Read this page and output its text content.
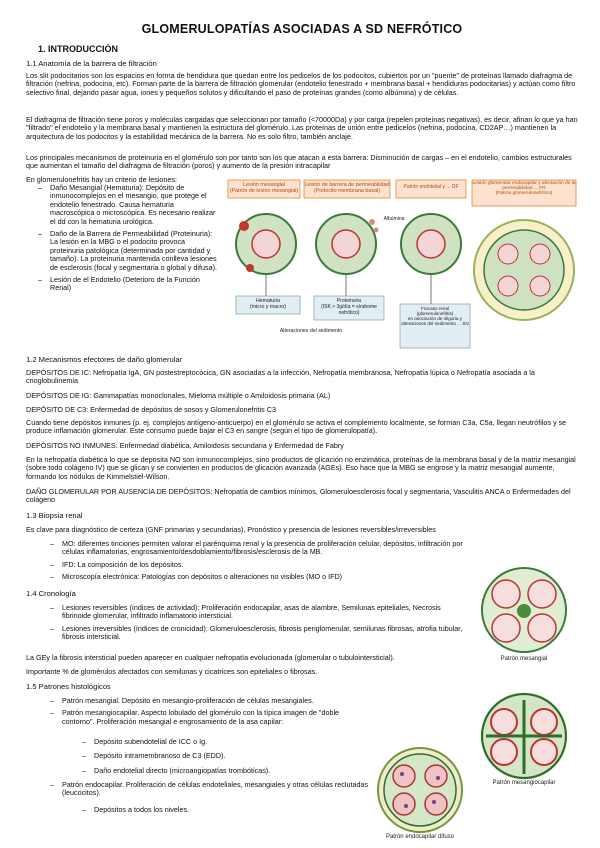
GLOMERULOPATÍAS ASOCIADAS A SD NEFRÓTICO
1. INTRODUCCIÓN
1.1 Anatomía de la barrera de filtración

Los slit podocitarios son los espacios en forma de hendidura que quedan entre los pedicelos de los podocitos, cubiertos por un "puente" de proteínas llamado diafragma de filtración (nefrina, podocina, etc). Forman parte de la barrera de filtración glomerular (endotelio fenestrado + membrana basal + hendiduras podocitarias) y actúan como filtro selectivo final, dejando pasar agua, iones y pequeños solutos y dificultando el paso de proteínas grandes (como albúmina) y de células.

El diafragma de filtración tiene poros y moléculas cargadas que seleccionan por tamaño (<70000Da) y por carga (repelen proteínas negativas), es decir, afinan lo que ya han "filtrado" el endotelio y la membrana basal y mantienen la estructura del glomérulo. Las proteínas de unión entre pedicelos (nefrina, podocina, CD2AP…) mantienen la arquitectura de los podocitos y la estabilidad mecánica de la barrera. No es solo filtro, también anclaje.

Los principales mecanismos de proteinuria en el glomérulo son por tanto son los que atacan a esta barrera: Disminución de cargas – en el endotelio, cambios estructurales que aumentan el tamaño del diafragma de filtración (poros) y aumento de la presión intracapilar

En glomerulonefritis hay un criterio de lesiones:

– Daño Mesangial (Hematuria): Depósito de inmunocomplejos en el mesangio, que protege el endotelio fenestrado. Causa hematuria macroscópica o microscópica. Es necesario realizar el dd con la hematuria urológica.
– Daño de la Barrera de Permeabilidad (Proteinuria): La lesión en la MBG o el podocito provoca proteinuria patológica (determinada por cantidad y tamaño). La proteinuria mantenida conlleva lesiones de esclerosis (focal y segmentaria o global y difusa).
– Lesión de el Endotelio (Deterioro de la Función Renal)
Lesión mesangial
(Patrón de lesión mesangial)
Lesión de barrera de permeabilidad
(Podocito membrana basal)
Patrón endotelial y ... DF
Lesión glomerular endocapilar y afectación de la permeabilidad ... FR
(Patrón glomerulonefrítico)
Albúmina
Hematuria
(micro y macro)
Proteinuria
(ISK > 3g/día = síndrome nefrótico)
Fracaso renal
(glomerulonefritis)
en asociación de oliguria y alteraciones del sedimento ... SN
Alteraciones del sedimento
1.2 Mecanismos efectores de daño glomerular

DEPÓSITOS DE IC: Nefropatía IgA, GN postestreptocócica, GN asociadas a la infección, Nefropatía membranosa, Nefropatía lúpica o Nefropatía asociada a la crioglobulinemia

DEPÓSITOS DE IG: Gammapatías monoclonales, Mieloma múltiple o Amiloidosis primaria (AL)

DEPÓSITO DE C3: Enfermedad de depósitos de sosos y Glomerulonefritis C3

Cuando tiene depósitos inmunes (p. ej. complejos antígeno-anticuerpo) en el glomérulo se activa el complemento localmente, se forman C3a, C5a, llegan neutrófilos y se produce inflamación glomerular. Este consumo puede bajar el C3 en sangre (según el tipo de glomerulopatía).

DEPÓSITOS NO INMUNES: Enfermedad diabética, Amiloidosis secundaria y Enfermedad de Fabry

En la nefropatía diabética lo que se deposita NO son inmunocomplejos, sino productos de glicación no enzimática, proteínas de la membrana basal y de la matriz mesangial (sobre todo colágeno IV) que se glican y se convierten en productos de glicación avanzada (AGEs). Eso hace que la MBG se engrose y la matriz mesangial aumente, formando los nódulos de Kimmelstiel-Wilson.

DAÑO GLOMERULAR POR AUSENCIA DE DEPÓSITOS: Nefropatía de cambios mínimos, Glomeruloesclerosis focal y segmentaria, Vasculitis ANCA o Enfermedades del colágeno

1.3 Biopsia renal

Es clave para diagnóstico de certeza (GNF primarias y secundarias), Pronóstico y presencia de lesiones reversibles/irreversibles

– MO: diferentes tinciones permiten valorar el parénquima renal y la presencia de proliferación celular, depósitos, infiltración por células inflamatorias, engrosamiento/desdoblamiento/fibrosis/esclerosis de la MB.
– IFD: La composición de los depósitos.
– Microscopía electrónica: Patologías con depósitos o alteraciones no visibles (MO o IFD)
1.4 Cronología
– Lesiones reversibles (índices de actividad): Proliferación endocapilar, asas de alambre, Semilunas epiteliales, Necrosis fibrinoide glomerular, infiltrado inflamatorio intersticial.
– Lesiones irreversibles (índices de cronicidad): Glomeruloesclerosis, fibrosis periglomerular, semilunas fibrosas, atrofia tubular, fibrosis intersticial.

La GEy la fibrosis intersticial pueden aparecer en cualquier nefropatía evolucionada (glomerular o tubulointersticial).

Importante % de glomérulos afectados con semilunas y cicatrices son epiteliales o fibrosas.

1.5 Patrones histológicos
– Patrón mesangial. Depósito en mesangio-proliferación de células mesangiales.
– Patrón mesangiocapilar. Aspecto lobulado del glomérulo con la típica imagen de "doble contorno". Proliferación mesangial e engrosamiento de la asa capilar:
– Depósito subendotelial de ICC o Ig.
– Depósito intramembranoso de C3 (EDD).
– Daño endotelial directo (microangiopatías trombóticas).
– Patrón endocapilar. Proliferación de células endoteliales, mesangiales y otras células reclutadas (leucocitos).
– Depósitos a todos los niveles.
Patrón mesangial
Patrón mesangiocapilar
Patrón endocapilar difuso
